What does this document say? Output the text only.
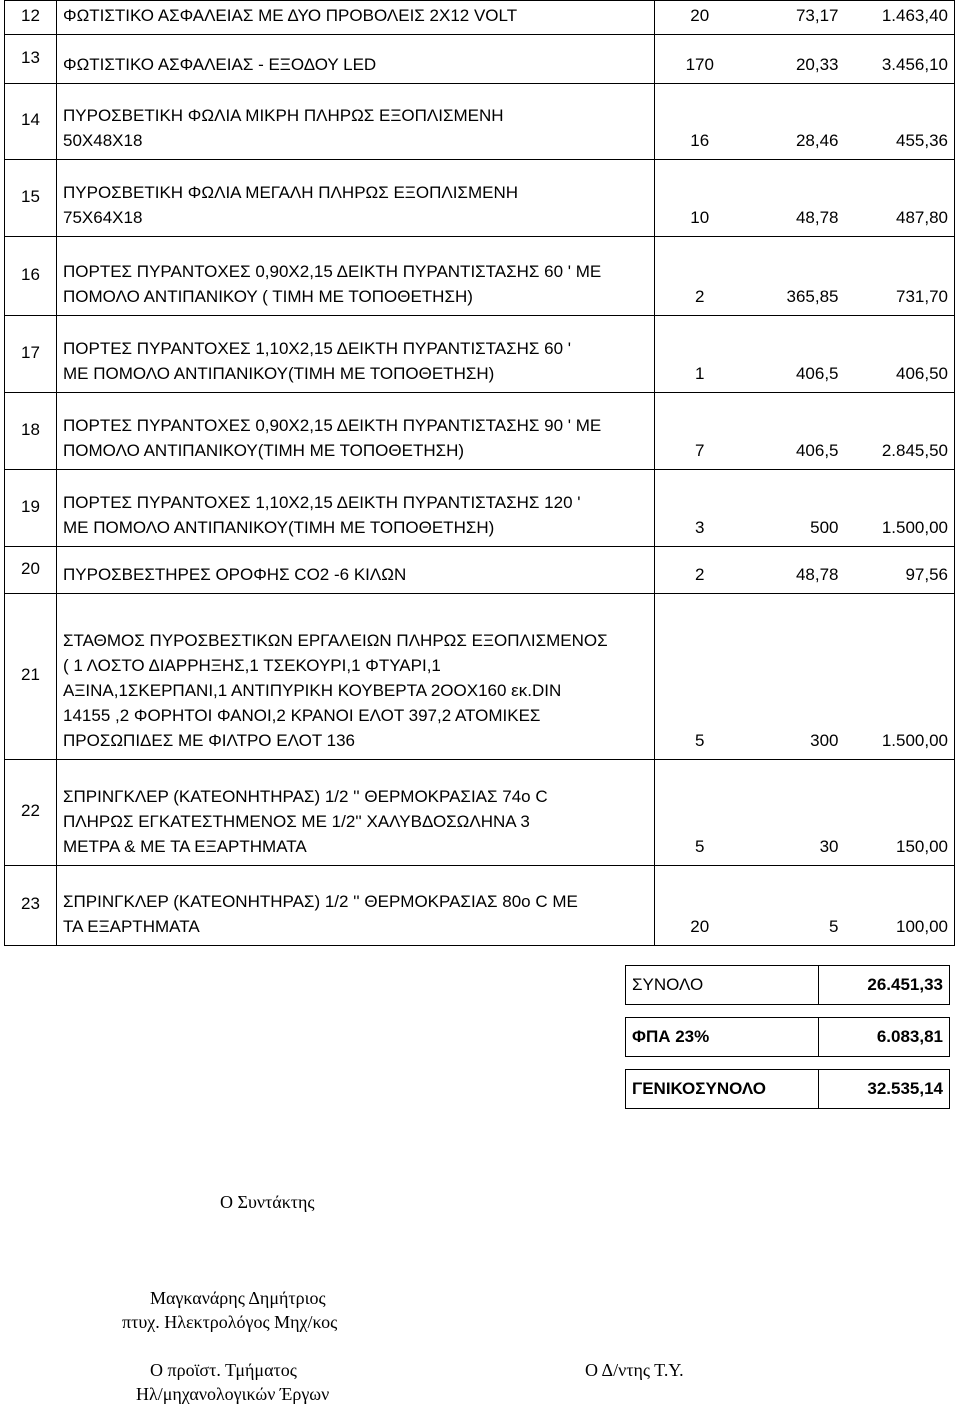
12	ΦΩΤΙΣΤΙΚΟ ΑΣΦΑΛΕΙΑΣ ΜΕ ΔΥΟ ΠΡΟΒΟΛΕΙΣ 2Χ12 VOLT	20	73,17	1.463,40
13	ΦΩΤΙΣΤΙΚΟ ΑΣΦΑΛΕΙΑΣ - ΕΞΟΔΟΥ LED	170	20,33	3.456,10
14	ΠΥΡΟΣΒΕΤΙΚΗ ΦΩΛΙΑ ΜΙΚΡΗ ΠΛΗΡΩΣ ΕΞΟΠΛΙΣΜΕΝΗ
50Χ48Χ18	16	28,46	455,36
15	ΠΥΡΟΣΒΕΤΙΚΗ ΦΩΛΙΑ ΜΕΓΑΛΗ ΠΛΗΡΩΣ ΕΞΟΠΛΙΣΜΕΝΗ
75Χ64Χ18	10	48,78	487,80
16	ΠΟΡΤΕΣ ΠΥΡΑΝΤΟΧΕΣ 0,90Χ2,15 ΔΕΙΚΤΗ ΠΥΡΑΝΤΙΣΤΑΣΗΣ 60 ' ΜΕ
ΠΟΜΟΛΟ ΑΝΤΙΠΑΝΙΚΟΥ ( ΤΙΜΗ ΜΕ ΤΟΠΟΘΕΤΗΣΗ)	2	365,85	731,70
17	ΠΟΡΤΕΣ ΠΥΡΑΝΤΟΧΕΣ 1,10Χ2,15 ΔΕΙΚΤΗ ΠΥΡΑΝΤΙΣΤΑΣΗΣ 60 '
ΜΕ ΠΟΜΟΛΟ ΑΝΤΙΠΑΝΙΚΟΥ(ΤΙΜΗ ΜΕ ΤΟΠΟΘΕΤΗΣΗ)	1	406,5	406,50
18	ΠΟΡΤΕΣ ΠΥΡΑΝΤΟΧΕΣ 0,90Χ2,15 ΔΕΙΚΤΗ ΠΥΡΑΝΤΙΣΤΑΣΗΣ 90 ' ΜΕ
ΠΟΜΟΛΟ ΑΝΤΙΠΑΝΙΚΟΥ(ΤΙΜΗ ΜΕ ΤΟΠΟΘΕΤΗΣΗ)	7	406,5	2.845,50
19	ΠΟΡΤΕΣ ΠΥΡΑΝΤΟΧΕΣ 1,10Χ2,15 ΔΕΙΚΤΗ ΠΥΡΑΝΤΙΣΤΑΣΗΣ 120 '
ΜΕ ΠΟΜΟΛΟ ΑΝΤΙΠΑΝΙΚΟΥ(ΤΙΜΗ ΜΕ ΤΟΠΟΘΕΤΗΣΗ)	3	500	1.500,00
20	ΠΥΡΟΣΒΕΣΤΗΡΕΣ ΟΡΟΦΗΣ CO2 -6 ΚΙΛΩΝ	2	48,78	97,56
21	ΣΤΑΘΜΟΣ ΠΥΡΟΣΒΕΣΤΙΚΩΝ ΕΡΓΑΛΕΙΩΝ ΠΛΗΡΩΣ ΕΞΟΠΛΙΣΜΕΝΟΣ
( 1 ΛΟΣΤΟ ΔΙΑΡΡΗΞΗΣ,1 ΤΣΕΚΟΥΡΙ,1 ΦΤΥΑΡΙ,1
ΑΞΙΝΑ,1ΣΚΕΡΠΑΝΙ,1 ΑΝΤΙΠΥΡΙΚΗ ΚΟΥΒΕΡΤΑ 2ΟΟΧ160 εκ.DIN
14155 ,2 ΦΟΡΗΤΟΙ ΦΑΝΟΙ,2 ΚΡΑΝΟΙ ΕΛΟΤ 397,2 ΑΤΟΜΙΚΕΣ
ΠΡΟΣΩΠΙΔΕΣ ΜΕ ΦΙΛΤΡΟ ΕΛΟΤ 136	5	300	1.500,00
22	ΣΠΡΙΝΓΚΛΕΡ (ΚΑΤΕΟΝΗΤΗΡΑΣ) 1/2 '' ΘΕΡΜΟΚΡΑΣΙΑΣ 74ο C
ΠΛΗΡΩΣ ΕΓΚΑΤΕΣΤΗΜΕΝΟΣ ΜΕ 1/2'' ΧΑΛΥΒΔΟΣΩΛΗΝΑ 3
ΜΕΤΡΑ & ΜΕ ΤΑ ΕΞΑΡΤΗΜΑΤΑ	5	30	150,00
23	ΣΠΡΙΝΓΚΛΕΡ (ΚΑΤΕΟΝΗΤΗΡΑΣ) 1/2 '' ΘΕΡΜΟΚΡΑΣΙΑΣ 80ο C ΜΕ
ΤΑ ΕΞΑΡΤΗΜΑΤΑ	20	5	100,00
ΣΥΝΟΛΟ	26.451,33

ΦΠΑ 23%	6.083,81

ΓΕΝΙΚΟΣΥΝΟΛΟ	32.535,14
Ο Συντάκτης
Μαγκανάρης Δημήτριος
πτυχ. Ηλεκτρολόγος Μηχ/κος
Ο προϊστ. Τμήματος
Ηλ/μηχανολογικών Έργων
Ο Δ/ντης Τ.Υ.
